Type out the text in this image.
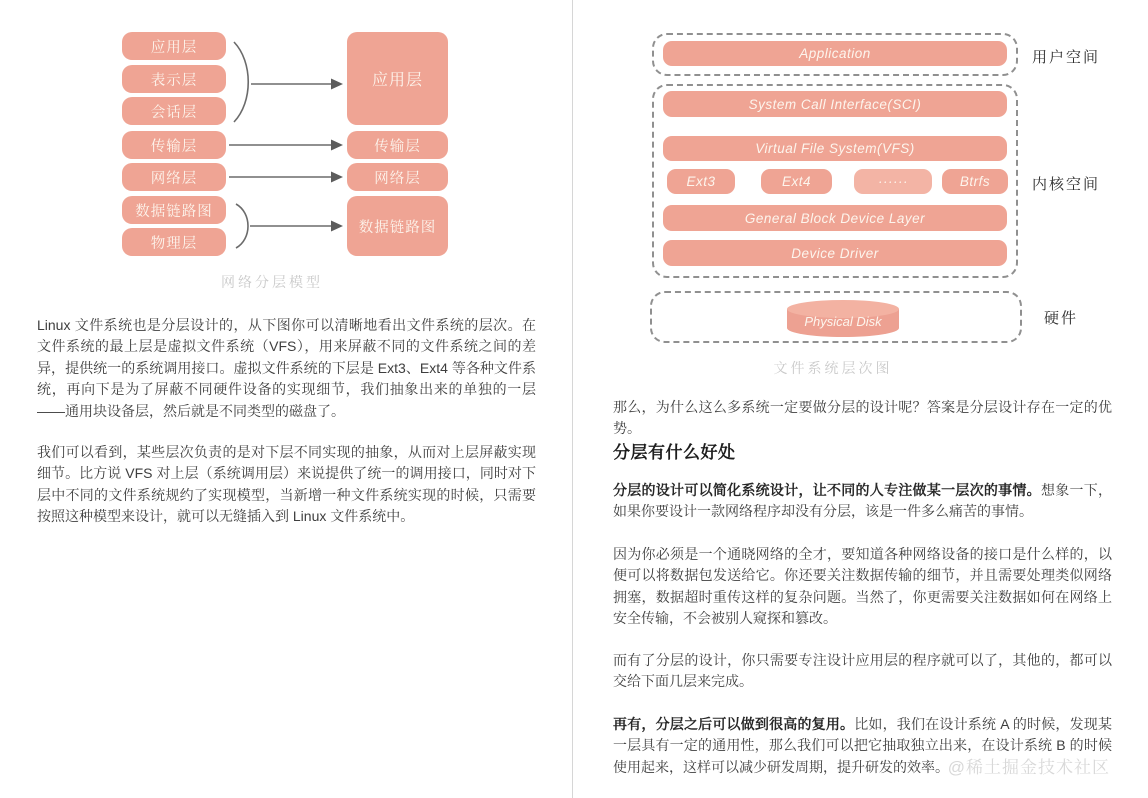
应用层
表示层
会话层
传输层
网络层
数据链路图
物理层
应用层
传输层
网络层
数据链路图
网络分层模型
Linux 文件系统也是分层设计的，从下图你可以清晰地看出文件系统的层次。在文件系统的最上层是虚拟文件系统（VFS），用来屏蔽不同的文件系统之间的差异，提供统一的系统调用接口。虚拟文件系统的下层是 Ext3、Ext4 等各种文件系统，再向下是为了屏蔽不同硬件设备的实现细节，我们抽象出来的单独的一层——通用块设备层，然后就是不同类型的磁盘了。
我们可以看到，某些层次负责的是对下层不同实现的抽象，从而对上层屏蔽实现细节。比方说 VFS 对上层（系统调用层）来说提供了统一的调用接口，同时对下层中不同的文件系统规约了实现模型，当新增一种文件系统实现的时候，只需要按照这种模型来设计，就可以无缝插入到 Linux 文件系统中。
Application	用户空间
System Call Interface(SCI)
Virtual File System(VFS)
Ext3	Ext4	······	Btrfs
General Block Device Layer
Device Driver
内核空间
Physical Disk	硬件
文件系统层次图
那么，为什么这么多系统一定要做分层的设计呢？答案是分层设计存在一定的优势。
分层有什么好处
分层的设计可以简化系统设计，让不同的人专注做某一层次的事情。想象一下，如果你要设计一款网络程序却没有分层，该是一件多么痛苦的事情。
因为你必须是一个通晓网络的全才，要知道各种网络设备的接口是什么样的，以便可以将数据包发送给它。你还要关注数据传输的细节，并且需要处理类似网络拥塞，数据超时重传这样的复杂问题。当然了，你更需要关注数据如何在网络上安全传输，不会被别人窥探和篡改。
而有了分层的设计，你只需要专注设计应用层的程序就可以了，其他的，都可以交给下面几层来完成。
再有，分层之后可以做到很高的复用。比如，我们在设计系统 A 的时候，发现某一层具有一定的通用性，那么我们可以把它抽取独立出来，在设计系统 B 的时候使用起来，这样可以减少研发周期，提升研发的效率。
@稀土掘金技术社区
